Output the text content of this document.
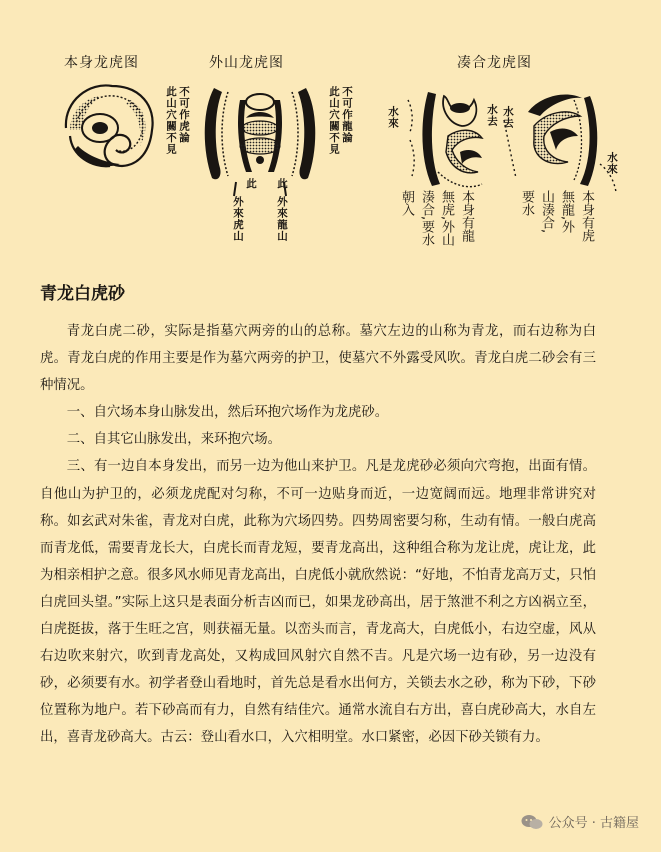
本身龙虎图	外山龙虎图	凑合龙虎图
此山穴關不見 不可作虎論	此山穴關不見 不可作龍論
此
外來虎山
此
外來龍山
水來	水去 水去
水來
本身有龍
無虎,外山
湊合,要水
朝入	本身有虎
無龍,外
山湊合,
要水
青龙白虎砂

青龙白虎二砂，实际是指墓穴两旁的山的总称。墓穴左边的山称为青龙，而右边称为白虎。青龙白虎的作用主要是作为墓穴两旁的护卫，使墓穴不外露受风吹。青龙白虎二砂会有三种情况。

一、自穴场本身山脉发出，然后环抱穴场作为龙虎砂。

二、自其它山脉发出，来环抱穴场。

三、有一边自本身发出，而另一边为他山来护卫。凡是龙虎砂必须向穴弯抱，出面有情。自他山为护卫的，必须龙虎配对匀称，不可一边贴身而近，一边宽阔而远。地理非常讲究对称。如玄武对朱雀，青龙对白虎，此称为穴场四势。四势周密要匀称，生动有情。一般白虎高而青龙低，需要青龙长大，白虎长而青龙短，要青龙高出，这种组合称为龙让虎，虎让龙，此为相亲相护之意。很多风水师见青龙高出，白虎低小就欣然说：“好地，不怕青龙高万丈，只怕白虎回头望。”实际上这只是表面分析吉凶而已，如果龙砂高出，居于煞泄不利之方凶祸立至，白虎挺拔，落于生旺之宫，则获福无量。以峦头而言，青龙高大，白虎低小，右边空虚，风从右边吹来射穴，吹到青龙高处，又构成回风射穴自然不吉。凡是穴场一边有砂，另一边没有砂，必须要有水。初学者登山看地时，首先总是看水出何方，关锁去水之砂，称为下砂，下砂位置称为地户。若下砂高而有力，自然有结佳穴。通常水流自右方出，喜白虎砂高大，水自左出，喜青龙砂高大。古云：登山看水口，入穴相明堂。水口紧密，必因下砂关锁有力。

公众号 · 古籍屋
